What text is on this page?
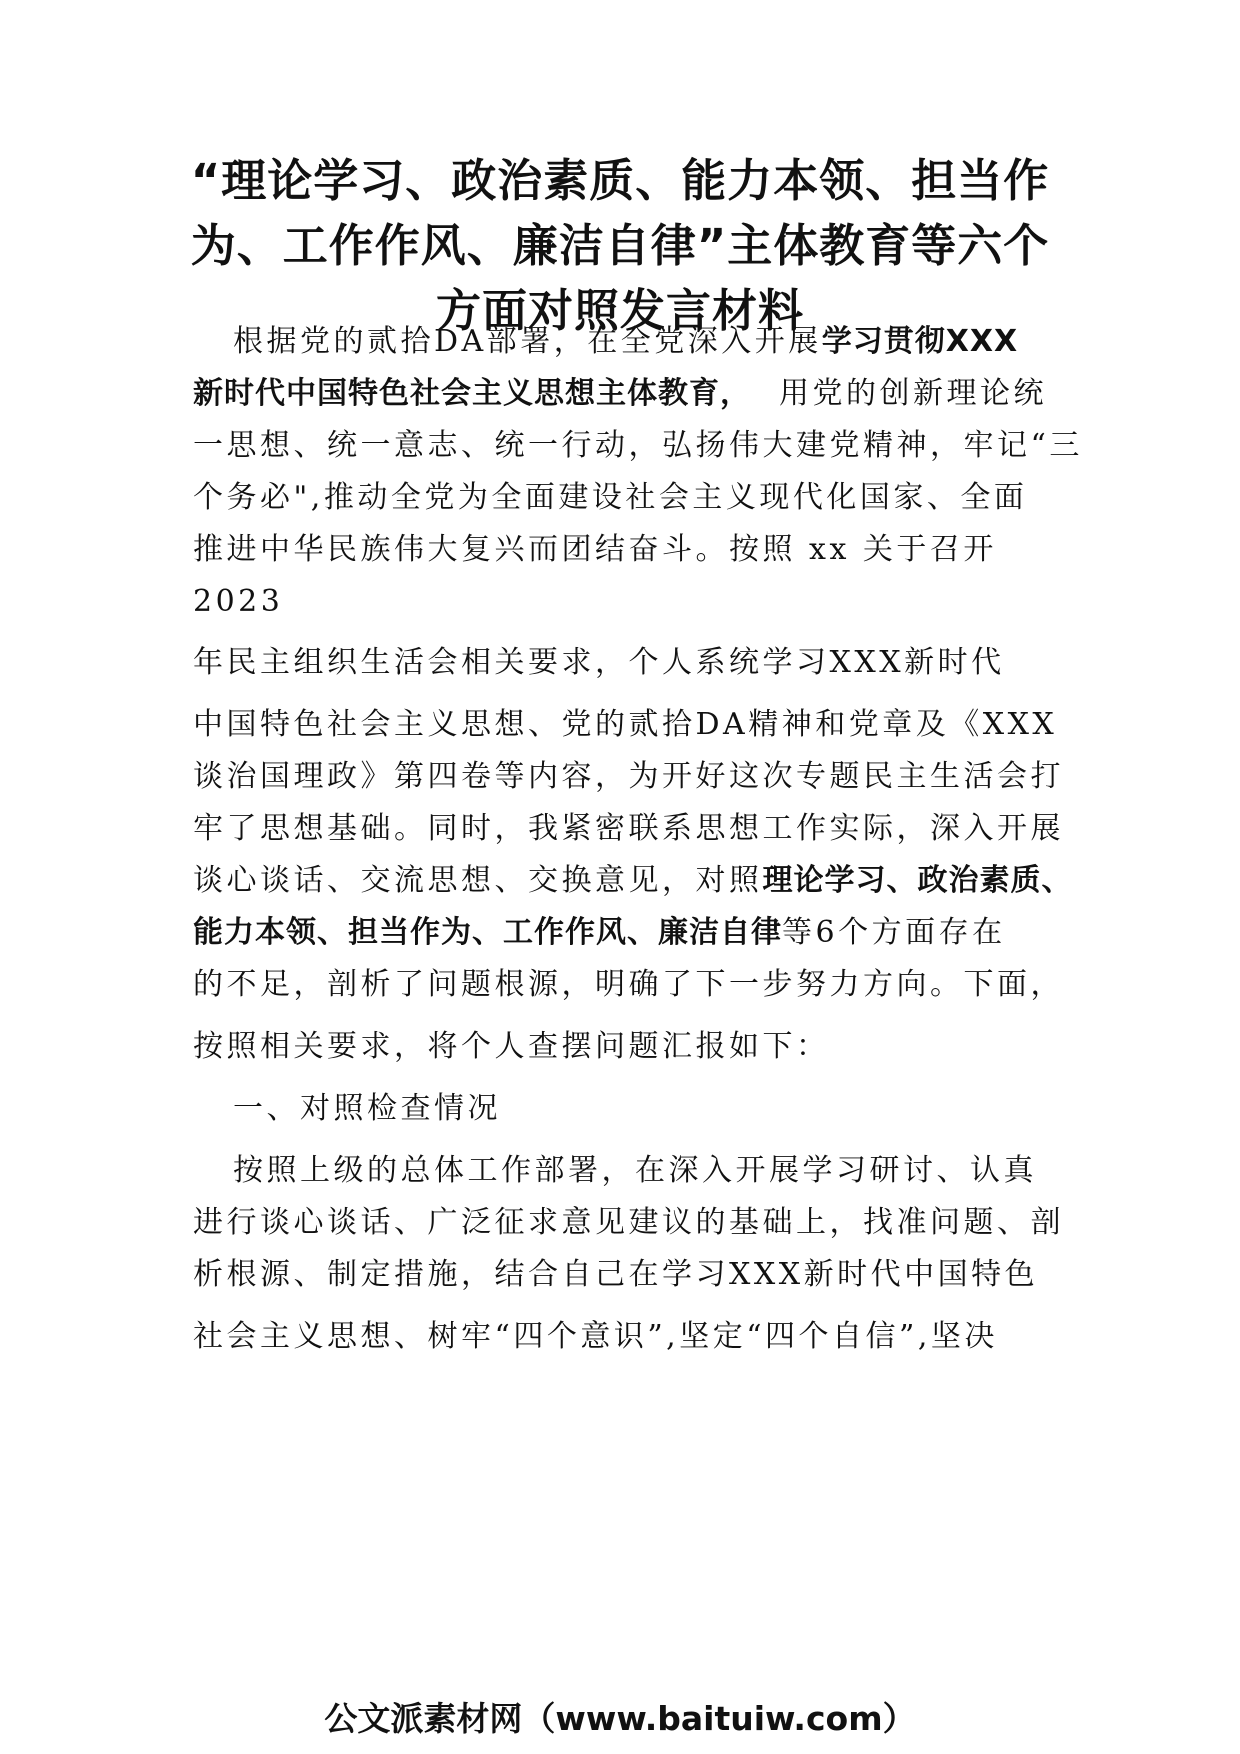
“理论学习、政治素质、能力本领、担当作
为、工作作风、廉洁自律”主体教育等六个
方面对照发言材料
根据党的贰拾DA部署，在全党深入开展学习贯彻XXX
新时代中国特色社会主义思想主体教育， 用党的创新理论统
一思想、统一意志、统一行动，弘扬伟大建党精神，牢记“三
个务必",推动全党为全面建设社会主义现代化国家、全面
推进中华民族伟大复兴而团结奋斗。按照 xx 关于召开
2023
年民主组织生活会相关要求，个人系统学习XXX新时代
中国特色社会主义思想、党的贰拾DA精神和党章及《XXX
谈治国理政》第四卷等内容，为开好这次专题民主生活会打
牢了思想基础。同时，我紧密联系思想工作实际，深入开展
谈心谈话、交流思想、交换意见，对照理论学习、政治素质、
能力本领、担当作为、工作作风、廉洁自律等6个方面存在
的不足，剖析了问题根源，明确了下一步努力方向。下面，
按照相关要求，将个人查摆问题汇报如下：
一、对照检查情况
按照上级的总体工作部署，在深入开展学习研讨、认真
进行谈心谈话、广泛征求意见建议的基础上，找准问题、剖
析根源、制定措施，结合自己在学习XXX新时代中国特色
社会主义思想、树牢“四个意识”,坚定“四个自信”,坚决
公文派素材网（www.baituiw.com）
